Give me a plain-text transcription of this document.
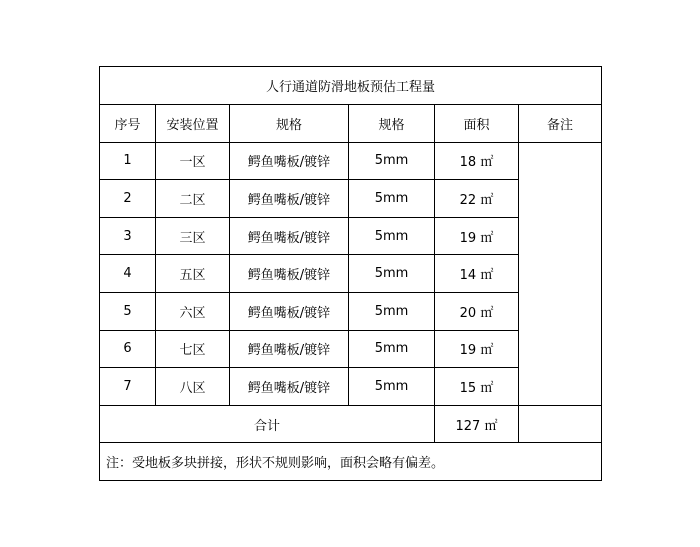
人行通道防滑地板预估工程量					
序号	安装位置	规格	规格	面积	备注
1	一区	鳄鱼嘴板/镀锌	5mm	18 ㎡	
2	二区	鳄鱼嘴板/镀锌	5mm	22 ㎡	
3	三区	鳄鱼嘴板/镀锌	5mm	19 ㎡	
4	五区	鳄鱼嘴板/镀锌	5mm	14 ㎡	
5	六区	鳄鱼嘴板/镀锌	5mm	20 ㎡	
6	七区	鳄鱼嘴板/镀锌	5mm	19 ㎡	
7	八区	鳄鱼嘴板/镀锌	5mm	15 ㎡	
合计				127 ㎡	
注：受地板多块拼接，形状不规则影响，面积会略有偏差。					
